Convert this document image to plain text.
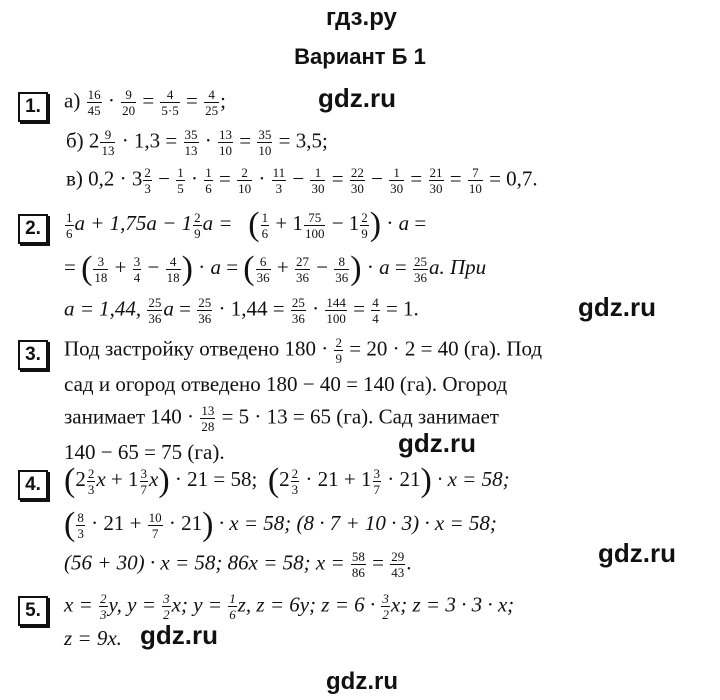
гдз.ру
Вариант Б 1
1.	$а) \frac{16}{45} \cdot \frac{9}{20} = \frac{4}{5\cdot 5} = \frac{4}{25}$ ;	gdz.ru
б) $2 \frac{9}{13} \cdot 1,3 = \frac{35}{13} \cdot \frac{13}{10} = \frac{35}{10} = 3,5$;
в) $0,2 \cdot 3 \frac{2}{3} - \frac{1}{5} \cdot \frac{1}{6} = \frac{2}{10} \cdot \frac{11}{3} - \frac{1}{30} = \frac{22}{30} - \frac{1}{30} = \frac{21}{30} = \frac{7}{10} = 0,7$.
2.	$\frac{1}{6}$ $a + 1,75a - 1 \frac{2}{9}$ a = ( $\frac{1}{6} + 1 \frac{75}{100} - 1 \frac{2}{9}$ ) · a =
= ( $\frac{3}{18} + \frac{3}{4} - \frac{4}{18}$ ) · a = ( $\frac{6}{36} + \frac{27}{36} - \frac{8}{36}$ ) · $a = \frac{25}{36} a$. При
a = 1,44, $\frac{25}{36}$ $a = \frac{25}{36} \cdot 1,44 = \frac{25}{36} \cdot \frac{144}{100} = \frac{4}{4} = 1$.	gdz.ru
3.	Под застройку отведено $180 \cdot \frac{2}{9} = 20 \cdot 2 = 40$ (га). Под
сад и огород отведено 180 − 40 = 140 (га). Огород
занимает $140 \cdot \frac{13}{28} = 5 \cdot 13 = 65$ (га). Сад занимает
140 − 65 = 75 (га).	gdz.ru
4. ($2 \frac{2}{3}$ $x + 1 \frac{3}{7} x) \cdot 21 = 58$; $(2 \frac{2}{3} \cdot 21 + 1 \frac{3}{7} \cdot 21) \cdot x = 58$;
( $\frac{8}{3} \cdot 21 + \frac{10}{7} \cdot 21) \cdot x = 58$; (8 · 7 + 10 · 3) · x = 58;
(56 + 30) · x = 58; 86x = 58; $x = \frac{58}{86} = \frac{29}{43}$ .	gdz.ru
5.	$x = \frac{2}{3} y$, $y = \frac{3}{2} x$; $y = \frac{1}{6} z$, z = 6y; $z = 6 \cdot \frac{3}{2} x$; z = 3 · 3 · x;
z = 9x. gdz.ru
gdz.ru
